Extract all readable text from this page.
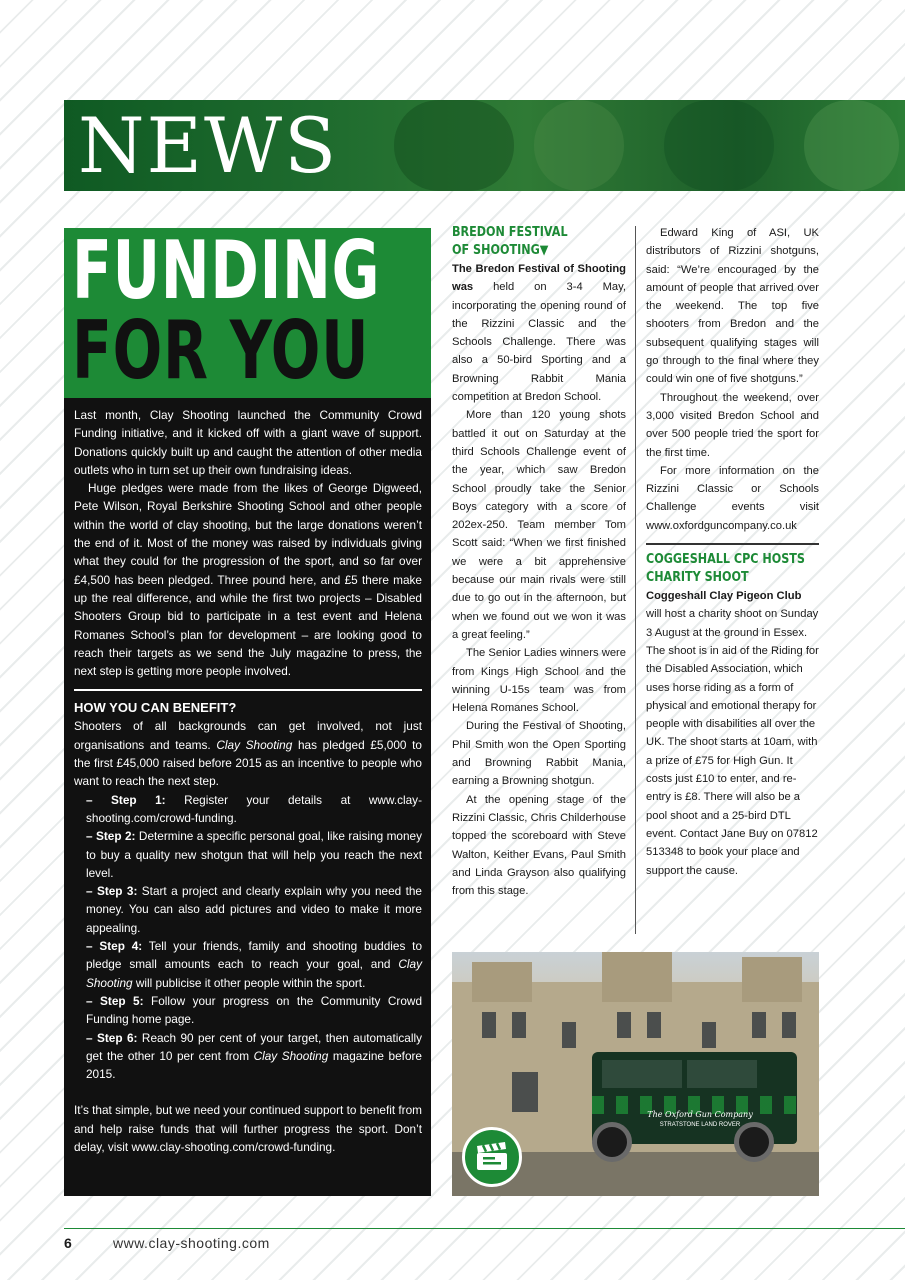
NEWS
FUNDING
FOR YOU

Last month, Clay Shooting launched the Community Crowd Funding initiative, and it kicked off with a giant wave of support. Donations quickly built up and caught the attention of other media outlets who in turn set up their own fundraising ideas.

Huge pledges were made from the likes of George Digweed, Pete Wilson, Royal Berkshire Shooting School and other people within the world of clay shooting, but the large donations weren’t the end of it. Most of the money was raised by individuals giving what they could for the progression of the sport, and so far over £4,500 has been pledged. Three pound here, and £5 there make up the real difference, and while the first two projects – Disabled Shooters Group bid to participate in a test event and Helena Romanes School’s plan for development – are looking good to reach their targets as we send the July magazine to press, the next step is getting more people involved.

HOW YOU CAN BENEFIT?

Shooters of all backgrounds can get involved, not just organisations and teams. Clay Shooting has pledged £5,000 to the first £45,000 raised before 2015 as an incentive to people who want to reach the next step.

– Step 1: Register your details at www.clay-shooting.com/crowd-funding.

– Step 2: Determine a specific personal goal, like raising money to buy a quality new shotgun that will help you reach the next level.

– Step 3: Start a project and clearly explain why you need the money. You can also add pictures and video to make it more appealing.

– Step 4: Tell your friends, family and shooting buddies to pledge small amounts each to reach your goal, and Clay Shooting will publicise it other people within the sport.

– Step 5: Follow your progress on the Community Crowd Funding home page.

– Step 6: Reach 90 per cent of your target, then automatically get the other 10 per cent from Clay Shooting magazine before 2015.

It’s that simple, but we need your continued support to benefit from and help raise funds that will further progress the sport. Don’t delay, visit www.clay-shooting.com/crowd-funding.

BREDON FESTIVAL
OF SHOOTING▼

The Bredon Festival of Shooting was held on 3-4 May, incorporating the opening round of the Rizzini Classic and the Schools Challenge. There was also a 50-bird Sporting and a Browning Rabbit Mania competition at Bredon School.

More than 120 young shots battled it out on Saturday at the third Schools Challenge event of the year, which saw Bredon School proudly take the Senior Boys category with a score of 202ex-250. Team member Tom Scott said: “When we first finished we were a bit apprehensive because our main rivals were still due to go out in the afternoon, but when we found out we won it was a great feeling.”

The Senior Ladies winners were from Kings High School and the winning U-15s team was from Helena Romanes School.

During the Festival of Shooting, Phil Smith won the Open Sporting and Browning Rabbit Mania, earning a Browning shotgun.

At the opening stage of the Rizzini Classic, Chris Childerhouse topped the scoreboard with Steve Walton, Keither Evans, Paul Smith and Linda Grayson also qualifying from this stage.

Edward King of ASI, UK distributors of Rizzini shotguns, said: “We’re encouraged by the amount of people that arrived over the weekend. The top five shooters from Bredon and the subsequent qualifying stages will go through to the final where they could win one of five shotguns.”

Throughout the weekend, over 3,000 visited Bredon School and over 500 people tried the sport for the first time.

For more information on the Rizzini Classic or Schools Challenge events visit www.oxfordguncompany.co.uk

COGGESHALL CPC HOSTS
CHARITY SHOOT

Coggeshall Clay Pigeon Club will host a charity shoot on Sunday 3 August at the ground in Essex. The shoot is in aid of the Riding for the Disabled Association, which uses horse riding as a form of physical and emotional therapy for people with disabilities all over the UK. The shoot starts at 10am, with a prize of £75 for High Gun. It costs just £10 to enter, and re-entry is £8. There will also be a pool shoot and a 25-bird DTL event. Contact Jane Buy on 07812 513348 to book your place and support the cause.

The Oxford Gun Company
STRATSTONE LAND ROVER
6	www.clay-shooting.com
